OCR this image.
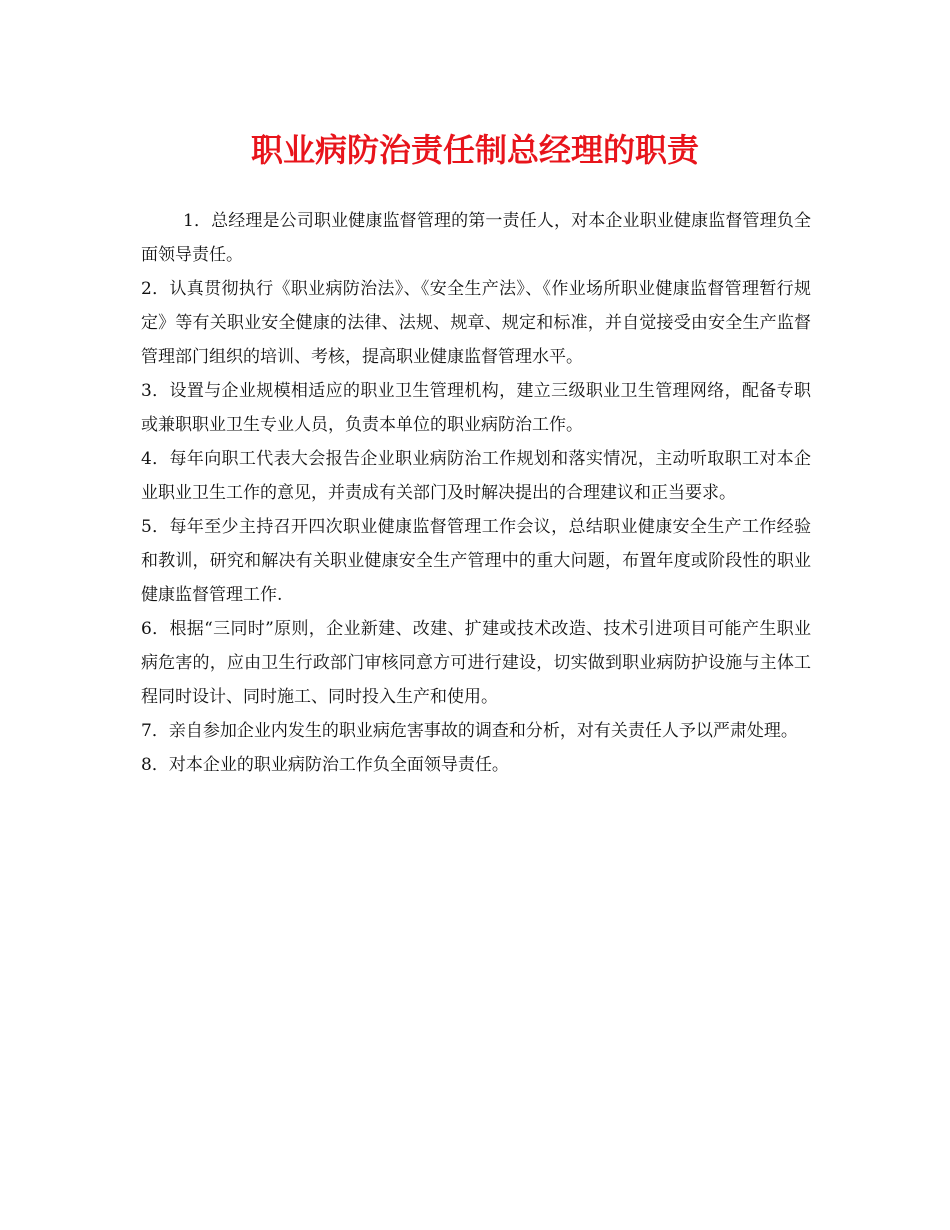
职业病防治责任制总经理的职责

1．总经理是公司职业健康监督管理的第一责任人，对本企业职业健康监督管理负全面领导责任。

2．认真贯彻执行《职业病防治法》、《安全生产法》、《作业场所职业健康监督管理暂行规定》等有关职业安全健康的法律、法规、规章、规定和标准，并自觉接受由安全生产监督管理部门组织的培训、考核，提高职业健康监督管理水平。

3．设置与企业规模相适应的职业卫生管理机构，建立三级职业卫生管理网络，配备专职或兼职职业卫生专业人员，负责本单位的职业病防治工作。

4．每年向职工代表大会报告企业职业病防治工作规划和落实情况，主动听取职工对本企业职业卫生工作的意见，并责成有关部门及时解决提出的合理建议和正当要求。

5．每年至少主持召开四次职业健康监督管理工作会议，总结职业健康安全生产工作经验和教训，研究和解决有关职业健康安全生产管理中的重大问题，布置年度或阶段性的职业健康监督管理工作.

6．根据“三同时”原则，企业新建、改建、扩建或技术改造、技术引进项目可能产生职业病危害的，应由卫生行政部门审核同意方可进行建设，切实做到职业病防护设施与主体工程同时设计、同时施工、同时投入生产和使用。

7．亲自参加企业内发生的职业病危害事故的调查和分析，对有关责任人予以严肃处理。

8．对本企业的职业病防治工作负全面领导责任。
